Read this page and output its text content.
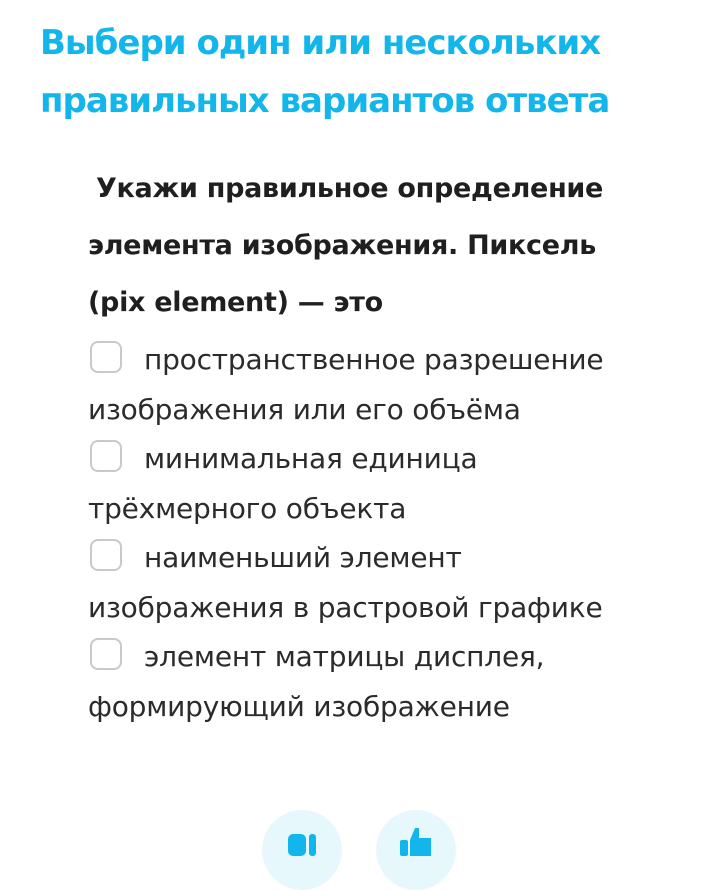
Выбери один или нескольких правильных вариантов ответа

Укажи правильное определение элемента изображения. Пиксель (pix element) — это

пространственное разрешение изображения или его объёма
минимальная единица трёхмерного объекта
наименьший элемент изображения в растровой графике
элемент матрицы дисплея, формирующий изображение
